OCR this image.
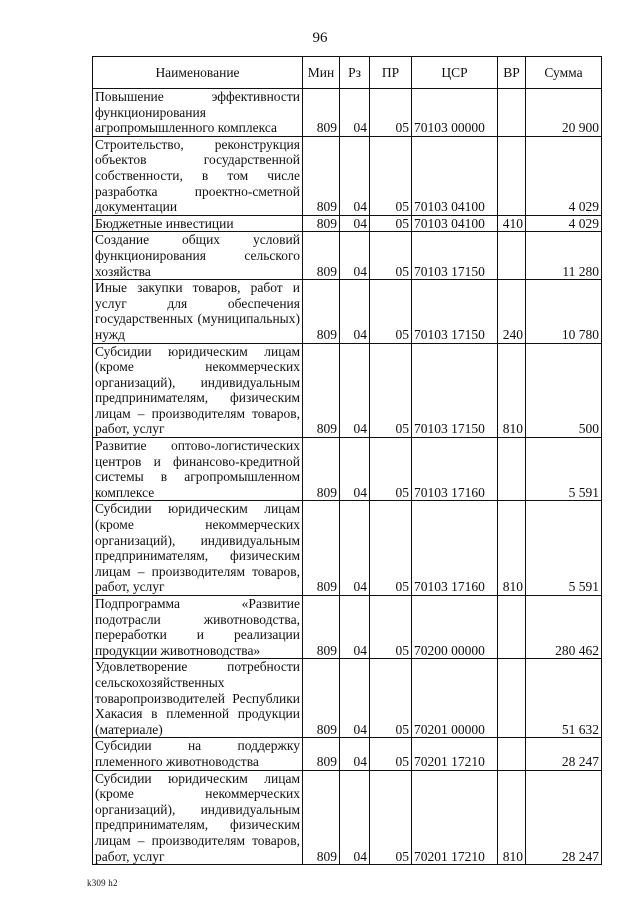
96
Наименование	Мин	Рз	ПР	ЦСР	ВР	Сумма
Повышение эффективности функционирования агропромышленного комплекса	809	04	05	70103 00000		20 900
Строительство, реконструкция объектов государственной собственности, в том числе разработка проектно-сметной документации	809	04	05	70103 04100		4 029
Бюджетные инвестиции	809	04	05	70103 04100	410	4 029
Создание общих условий функционирования сельского хозяйства	809	04	05	70103 17150		11 280
Иные закупки товаров, работ и услуг для обеспечения государственных (муниципальных) нужд	809	04	05	70103 17150	240	10 780
Субсидии юридическим лицам (кроме некоммерческих организаций), индивидуальным предпринимателям, физическим лицам – производителям товаров, работ, услуг	809	04	05	70103 17150	810	500
Развитие оптово-логистических центров и финансово-кредитной системы в агропромышленном комплексе	809	04	05	70103 17160		5 591
Субсидии юридическим лицам (кроме некоммерческих организаций), индивидуальным предпринимателям, физическим лицам – производителям товаров, работ, услуг	809	04	05	70103 17160	810	5 591
Подпрограмма «Развитие подотрасли животноводства, переработки и реализации продукции животноводства»	809	04	05	70200 00000		280 462
Удовлетворение потребности сельскохозяйственных товаропроизводителей Республики Хакасия в племенной продукции (материале)	809	04	05	70201 00000		51 632
Субсидии на поддержку племенного животноводства	809	04	05	70201 17210		28 247
Субсидии юридическим лицам (кроме некоммерческих организаций), индивидуальным предпринимателям, физическим лицам – производителям товаров, работ, услуг	809	04	05	70201 17210	810	28 247
k309 h2
